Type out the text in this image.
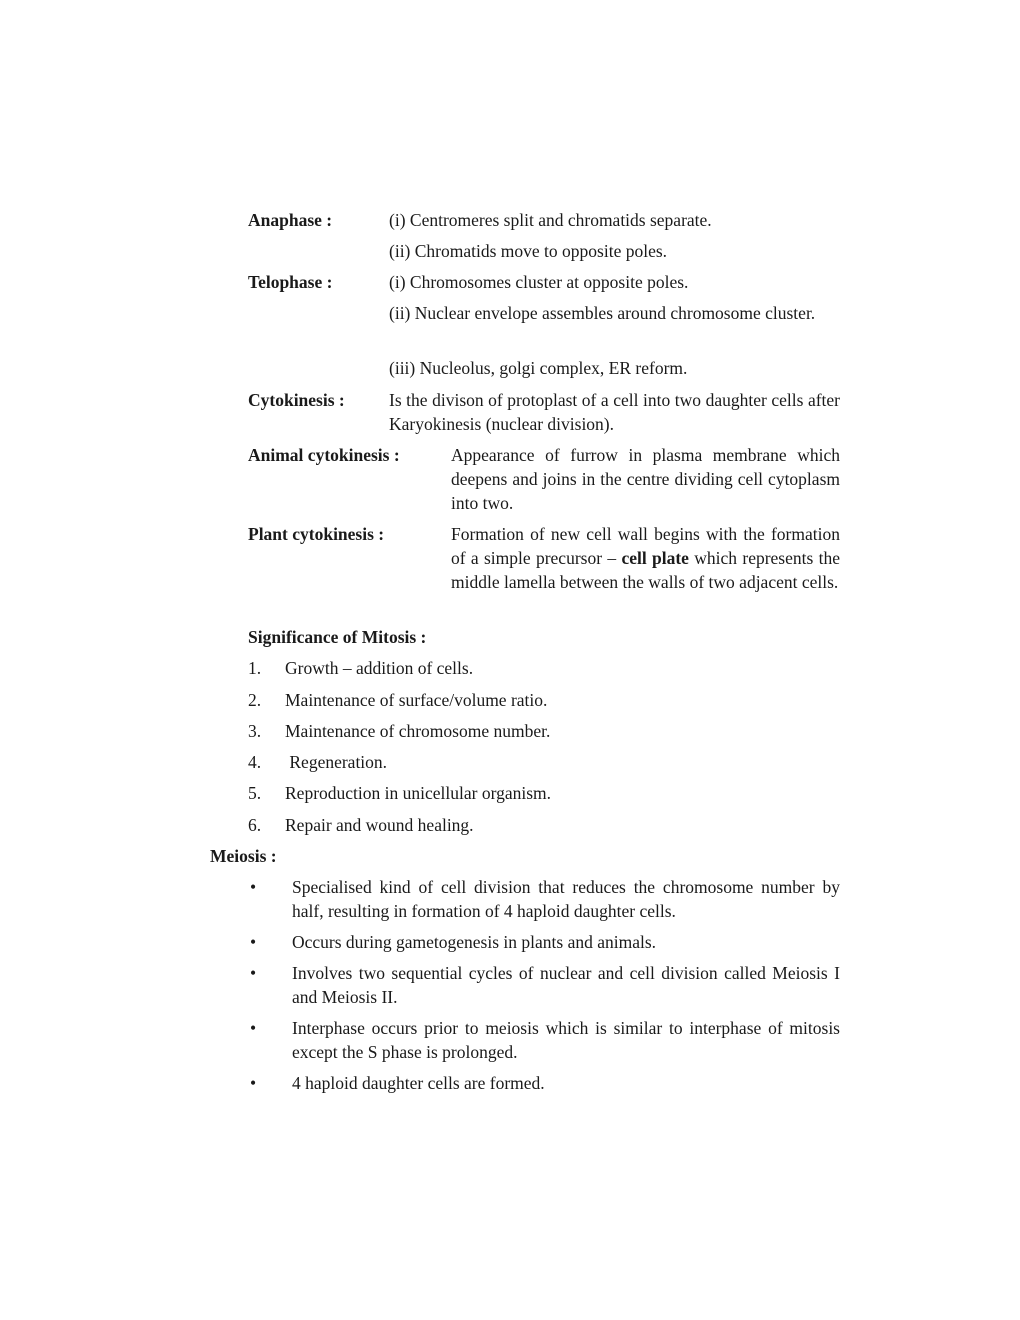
Anaphase :	(i) Centromeres split and chromatids separate.
(ii) Chromatids move to opposite poles.
Telophase :	(i) Chromosomes cluster at opposite poles.
(ii) Nuclear envelope assembles around chromosome cluster.
(iii) Nucleolus, golgi complex, ER reform.
Cytokinesis :	Is the divison of protoplast of a cell into two daughter cells after Karyokinesis (nuclear division).
Animal cytokinesis :	Appearance of furrow in plasma membrane which deepens and joins in the centre dividing cell cytoplasm into two.
Plant cytokinesis :	Formation of new cell wall begins with the formation of a simple precursor – cell plate which represents the middle lamella between the walls of two adjacent cells.
Significance of Mitosis :
1. Growth – addition of cells.
2. Maintenance of surface/volume ratio.
3. Maintenance of chromosome number.
4. Regeneration.
5. Reproduction in unicellular organism.
6. Repair and wound healing.
Meiosis :
• Specialised kind of cell division that reduces the chromosome number by half, resulting in formation of 4 haploid daughter cells.
• Occurs during gametogenesis in plants and animals.
• Involves two sequential cycles of nuclear and cell division called Meiosis I and Meiosis II.
• Interphase occurs prior to meiosis which is similar to interphase of mitosis except the S phase is prolonged.
• 4 haploid daughter cells are formed.
